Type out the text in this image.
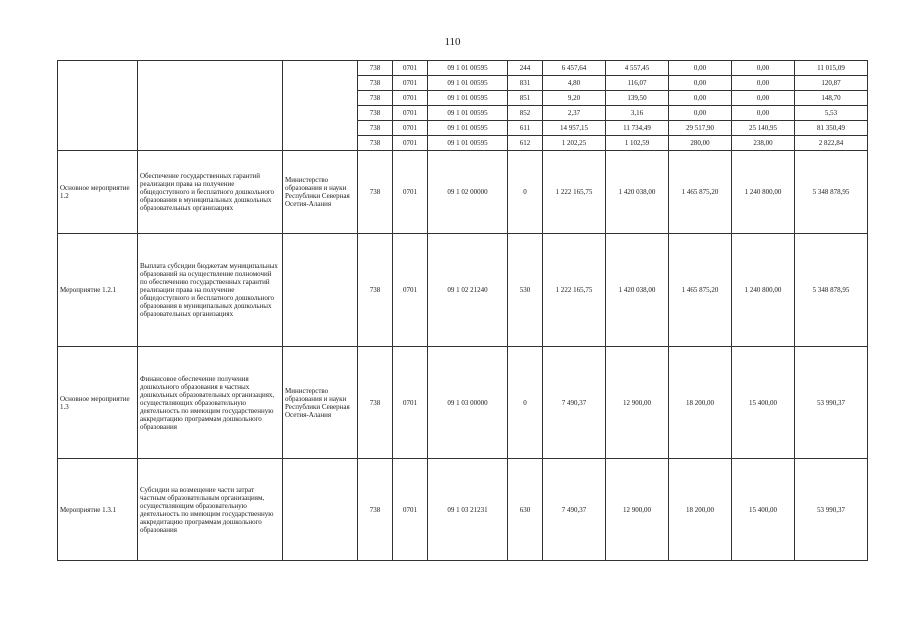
110
			738	0701	09 1 01 00595	244	6 457,64	4 557,45	0,00	0,00	11 015,09
			738	0701	09 1 01 00595	831	4,80	116,07	0,00	0,00	120,87
			738	0701	09 1 01 00595	851	9,20	139,50	0,00	0,00	148,70
			738	0701	09 1 01 00595	852	2,37	3,16	0,00	0,00	5,53
			738	0701	09 1 01 00595	611	14 957,15	11 734,49	29 517,90	25 140,95	81 350,49
			738	0701	09 1 01 00595	612	1 202,25	1 102,59	280,00	238,00	2 822,84
Основное мероприятие 1.2	Обеспечение государственных гарантий реализации права на получение общедоступного и бесплатного дошкольного образования в муниципальных дошкольных образовательных организациях	Министерство образования и науки Республики Северная Осетия-Алания	738	0701	09 1 02 00000	0	1 222 165,75	1 420 038,00	1 465 875,20	1 240 800,00	5 348 878,95
Мероприятие 1.2.1	Выплата субсидии бюджетам муниципальных образований на осуществление полномочий по обеспечению государственных гарантий реализации права на получение общедоступного и бесплатного дошкольного образования в муниципальных дошкольных образовательных организациях		738	0701	09 1 02 21240	530	1 222 165,75	1 420 038,00	1 465 875,20	1 240 800,00	5 348 878,95
Основное мероприятие 1.3	Финансовое обеспечение получения дошкольного образования в частных дошкольных образовательных организациях, осуществляющих образовательную деятельность по имеющим государственную аккредитацию программам дошкольного образования	Министерство образования и науки Республики Северная Осетия-Алания	738	0701	09 1 03 00000	0	7 490,37	12 900,00	18 200,00	15 400,00	53 990,37
Мероприятие 1.3.1	Субсидии на возмещение части затрат частным образовательным организациям, осуществляющим образовательную деятельность по имеющим государственную аккредитацию программам дошкольного образования		738	0701	09 1 03 21231	630	7 490,37	12 900,00	18 200,00	15 400,00	53 990,37
